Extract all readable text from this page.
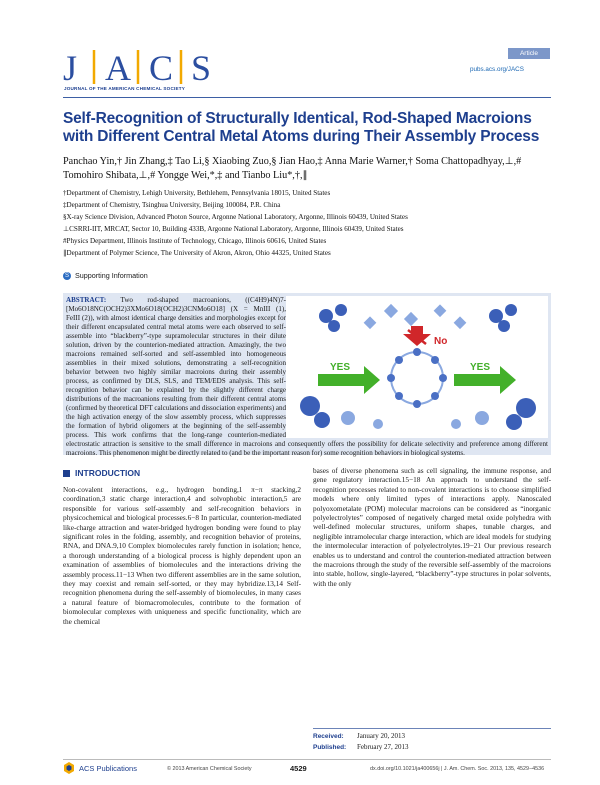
J A C S
JOURNAL OF THE AMERICAN CHEMICAL SOCIETY
Article
pubs.acs.org/JACS
Self-Recognition of Structurally Identical, Rod-Shaped Macroions with Different Central Metal Atoms during Their Assembly Process
Panchao Yin,† Jin Zhang,‡ Tao Li,§ Xiaobing Zuo,§ Jian Hao,‡ Anna Marie Warner,† Soma Chattopadhyay,⊥,# Tomohiro Shibata,⊥,# Yongge Wei,*,‡ and Tianbo Liu*,†,∥
†Department of Chemistry, Lehigh University, Bethlehem, Pennsylvania 18015, United States
‡Department of Chemistry, Tsinghua University, Beijing 100084, P.R. China
§X-ray Science Division, Advanced Photon Source, Argonne National Laboratory, Argonne, Illinois 60439, United States
⊥CSRRI-IIT, MRCAT, Sector 10, Building 433B, Argonne National Laboratory, Argonne, Illinois 60439, United States
#Physics Department, Illinois Institute of Technology, Chicago, Illinois 60616, United States
∥Department of Polymer Science, The University of Akron, Akron, Ohio 44325, United States
S Supporting Information
YES	YES
No
ABSTRACT: Two rod-shaped macroanions, ((C4H9)4N)7-[Mo6O18NC(OCH2)3XMo6O18(OCH2)3CNMo6O18] (X = MnIII (1), FeIII (2)), with almost identical charge densities and morphologies except for their different encapsulated central metal atoms were each observed to self-assemble into “blackberry”-type supramolecular structures in their dilute solution, driven by the counterion-mediated attraction. Amazingly, the two macroions remained self-sorted and self-assembled into homogeneous assemblies in their mixed solutions, demonstrating a self-recognition behavior between two highly similar macroions during their assembly process, as confirmed by DLS, SLS, and TEM/EDS analysis. This self-recognition behavior can be explained by the slightly different charge distributions of the macroanions resulting from their different central atoms (confirmed by theoretical DFT calculations and dissociation experiments) and the high activation energy of the slow assembly process, which suppresses the formation of hybrid oligomers at the beginning of the self-assembly process. This work confirms that the long-range counterion-mediated electrostatic attraction is sensitive to the small difference in macroions and consequently offers the possibility for delicate selectivity and preference among different macroions. This phenomenon might be directly related to (and be the important reason for) some recognition behaviors in biological systems.
INTRODUCTION
Non-covalent interactions, e.g., hydrogen bonding,1 π−π stacking,2 coordination,3 static charge interaction,4 and solvophobic interaction,5 are responsible for various self-assembly and self-recognition behaviors in physicochemical and biological processes.6−8 In particular, counterion-mediated like-charge attraction and water-bridged hydrogen bonding were found to play significant roles in the folding, assembly, and recognition behavior of proteins, RNA, and DNA.9,10 Complex biomolecules rarely function in isolation; hence, a thorough understanding of a biological process is highly dependent upon an examination of assemblies of biomolecules and the interactions driving the assembly process.11−13 When two different assemblies are in the same solution, they may coexist and remain self-sorted, or they may hybridize.13,14 Self-recognition phenomena during the self-assembly of biomolecules, in many cases a natural feature of biomacromolecules, contribute to the formation of biomolecular complexes with uniqueness and specific functionality, which are the chemical
bases of diverse phenomena such as cell signaling, the immune response, and gene regulatory interaction.15−18 An approach to understand the self-recognition processes related to non-covalent interactions is to choose simplified models where only limited types of interactions apply. Nanoscaled polyoxometalate (POM) molecular macroions can be considered as “inorganic polyelectrolytes” composed of negatively charged metal oxide polyhedra with well-defined molecular structures, uniform shapes, tunable charges, and negligible intramolecular charge interaction, which are ideal models for studying the intermolecular interaction of polyelectrolytes.19−21 Our previous research enables us to understand and control the counterion-mediated attraction between the macroions through the study of the reversible self-assembly of the macroions into stable, hollow, single-layered, “blackberry”-type structures in polar solvents, with the only
Received: January 20, 2013
Published: February 27, 2013
ACS Publications	© 2013 American Chemical Society	4529	dx.doi.org/10.1021/ja400656j | J. Am. Chem. Soc. 2013, 135, 4529−4536
